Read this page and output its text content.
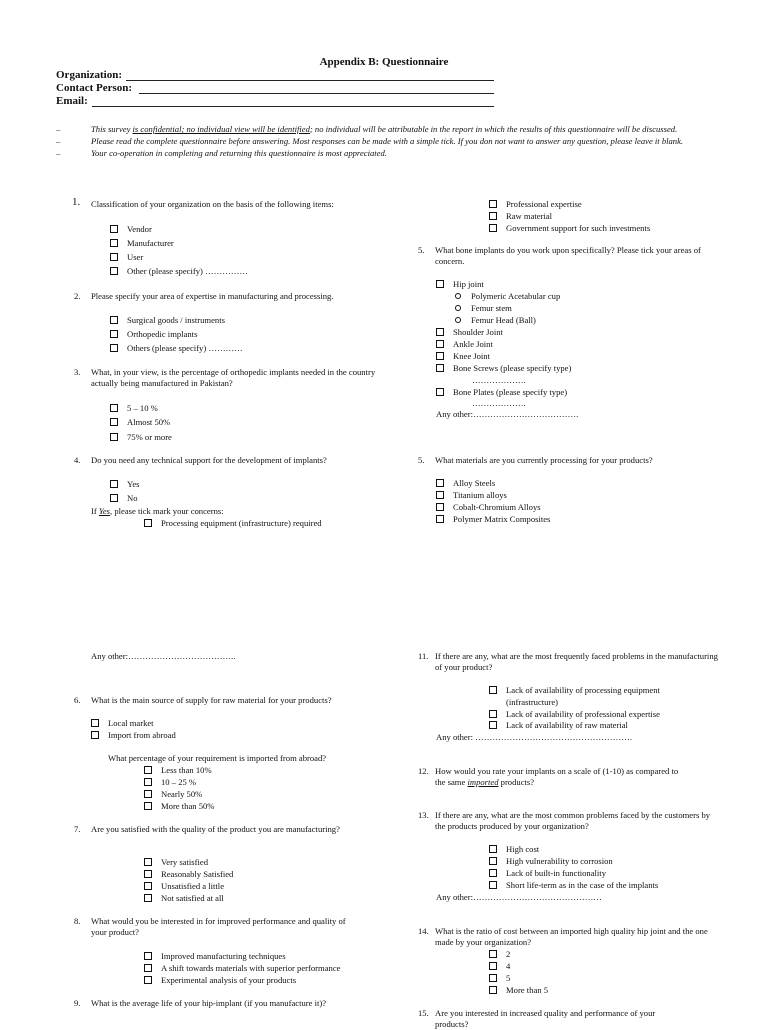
Appendix B: Questionnaire
Organization:
Contact Person:
Email:
–	This survey is confidential; no individual view will be identified; no individual will be attributable in the report in which the results of this questionnaire will be discussed.
–	Please read the complete questionnaire before answering. Most responses can be made with a simple tick. If you don not want to answer any question, please leave it blank.
–	Your co-operation in completing and returning this questionnaire is most appreciated.
1. Classification of your organization on the basis of the following items:
Vendor
Manufacturer
User
Other (please specify) ……………
2. Please specify your area of expertise in manufacturing and processing.
Surgical goods / instruments
Orthopedic implants
Others (please specify) …………
3. What, in your view, is the percentage of orthopedic implants needed in the country actually being manufactured in Pakistan?
5 – 10 %
Almost 50%
75% or more
4. Do you need any technical support for the development of implants?
Yes
No
If Yes, please tick mark your concerns:
Processing equipment (infrastructure) required
Professional expertise
Raw material
Government support for such investments
5. What bone implants do you work upon specifically? Please tick your areas of concern.
Hip joint
Polymeric Acetabular cup
Femur stem
Femur Head (Ball)
Shoulder Joint
Ankle Joint
Knee Joint
Bone Screws (please specify type)
……………….
Bone Plates (please specify type)
……………….
Any other:……………………………….
5. What materials are you currently processing for your products?
Alloy Steels
Titanium alloys
Cobalt-Chromium Alloys
Polymer Matrix Composites
Any other:………………………………..
6. What is the main source of supply for raw material for your products?
Local market
Import from abroad
What percentage of your requirement is imported from abroad?
Less than 10%
10 – 25 %
Nearly 50%
More than 50%
7. Are you satisfied with the quality of the product you are manufacturing?
Very satisfied
Reasonably Satisfied
Unsatisfied a little
Not satisfied at all
8. What would you be interested in for improved performance and quality of your product?
Improved manufacturing techniques
A shift towards materials with superior performance
Experimental analysis of your products
9. What is the average life of your hip-implant (if you manufacture it)?
11. If there are any, what are the most frequently faced problems in the manufacturing of your product?
Lack of availability of processing equipment
(infrastructure)
Lack of availability of professional expertise
Lack of availability of raw material
Any other: ……………………………………………….
12. How would you rate your implants on a scale of (1-10) as compared to
the same imported products?
13. If there are any, what are the most common problems faced by the customers by the products produced by your organization?
High cost
High vulnerability to corrosion
Lack of built-in functionality
Short life-term as in the case of the implants
Any other:………………………………………
14. What is the ratio of cost between an imported high quality hip joint and the one made by your organization?
2
4
5
More than 5
15. Are you interested in increased quality and performance of your
products?
